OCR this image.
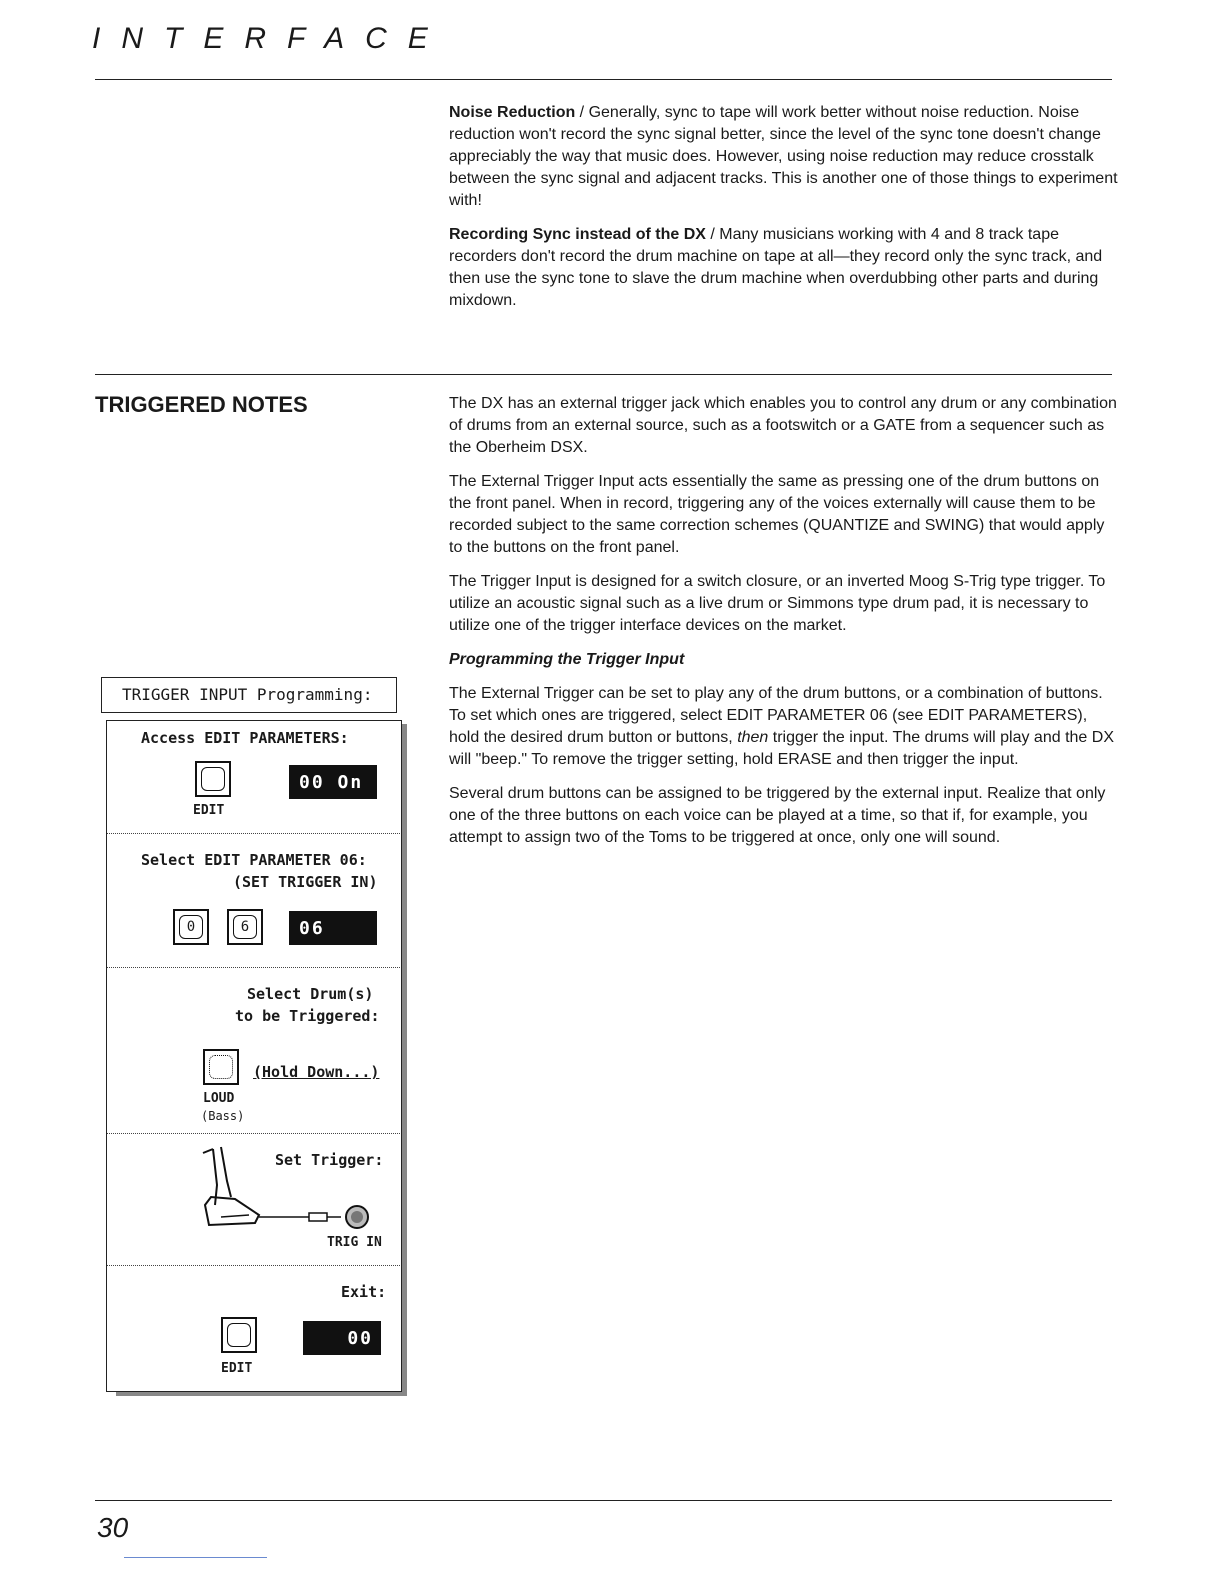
INTERFACE

Noise Reduction / Generally, sync to tape will work better without noise reduction. Noise reduction won't record the sync signal better, since the level of the sync tone doesn't change appreciably the way that music does. However, using noise reduction may reduce crosstalk between the sync signal and adjacent tracks. This is another one of those things to experiment with!

Recording Sync instead of the DX / Many musicians working with 4 and 8 track tape recorders don't record the drum machine on tape at all—they record only the sync track, and then use the sync tone to slave the drum machine when overdubbing other parts and during mixdown.

TRIGGERED NOTES	The DX has an external trigger jack which enables you to control any drum or any combination of drums from an external source, such as a footswitch or a GATE from a sequencer such as the Oberheim DSX.

The External Trigger Input acts essentially the same as pressing one of the drum buttons on the front panel. When in record, triggering any of the voices externally will cause them to be recorded subject to the same correction schemes (QUANTIZE and SWING) that would apply to the buttons on the front panel.

The Trigger Input is designed for a switch closure, or an inverted Moog S-Trig type trigger. To utilize an acoustic signal such as a live drum or Simmons type drum pad, it is necessary to utilize one of the trigger interface devices on the market.

Programming the Trigger Input

The External Trigger can be set to play any of the drum buttons, or a combination of buttons. To set which ones are triggered, select EDIT PARAMETER 06 (see EDIT PARAMETERS), hold the desired drum button or buttons, then trigger the input. The drums will play and the DX will "beep." To remove the trigger setting, hold ERASE and then trigger the input.

Several drum buttons can be assigned to be triggered by the external input. Realize that only one of the three buttons on each voice can be played at a time, so that if, for example, you attempt to assign two of the Toms to be triggered at once, only one will sound.

TRIGGER INPUT Programming:
Access EDIT PARAMETERS:
EDIT
00 On
Select EDIT PARAMETER 06:
(SET TRIGGER IN)
0	6	06
Select Drum(s)
to be Triggered:
(Hold Down...)
LOUD
(Bass)
Set Trigger:
TRIG IN
Exit:
EDIT
00
30
